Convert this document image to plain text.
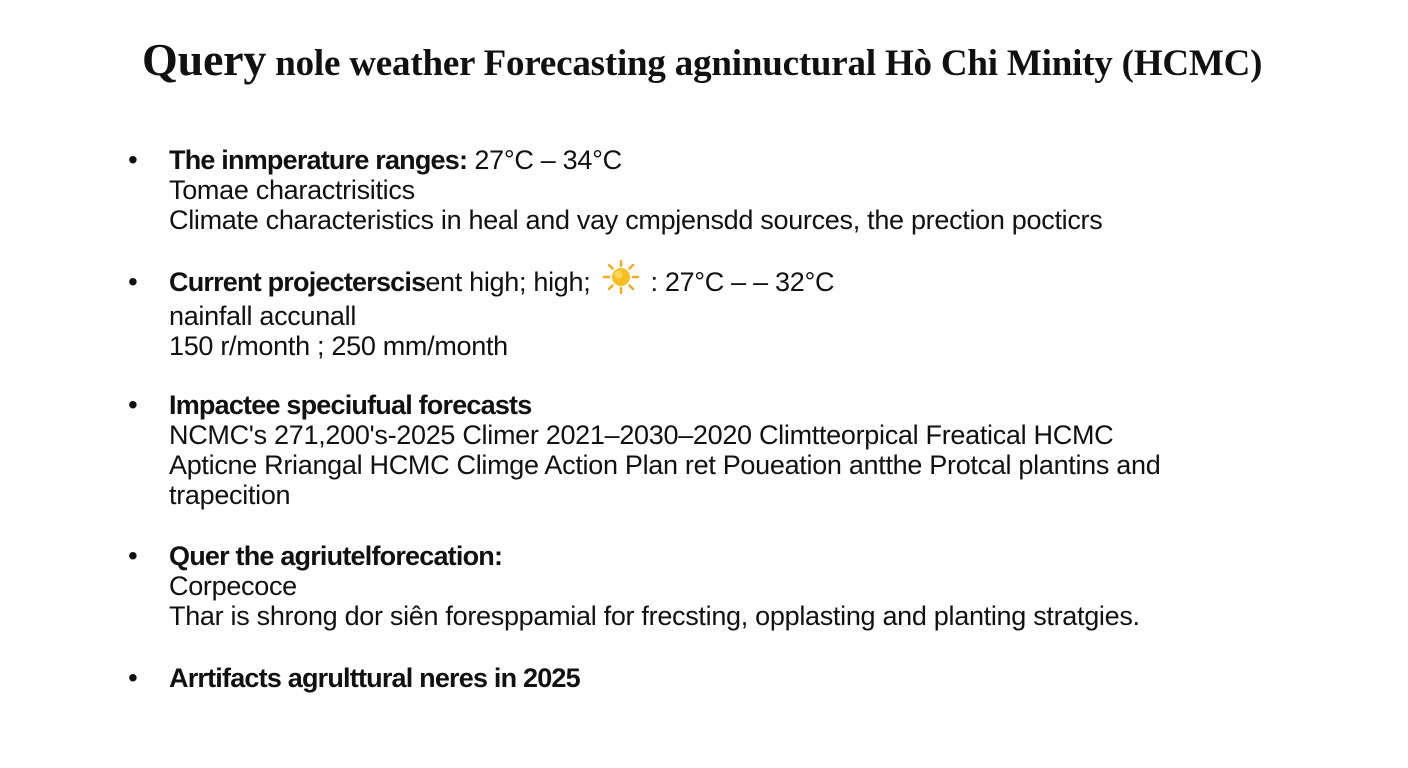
Query nole weather Forecasting agninuctural Hò Chi Minity (HCMC)
• The inmperature ranges: 27°C – 34°C
Tomae charactrisitics
Climate characteristics in heal and vay cmpjensdd sources, the prection pocticrs
• Current projecterscisent high; high; : 27°C – – 32°C
nainfall accunall
150 r/month ; 250 mm/month
• Impactee speciufual forecasts
NCMC's 271,200's-2025 Climer 2021–2030–2020 Climtteorpical Freatical HCMC
Apticne Rriangal HCMC Climge Action Plan ret Poueation antthe Protcal plantins and
trapecition
• Quer the agriutelforecation:
Corpecoce
Thar is shrong dor siên foresppamial for frecsting, opplasting and planting stratgies.
• Arrtifacts agrulttural neres in 2025
